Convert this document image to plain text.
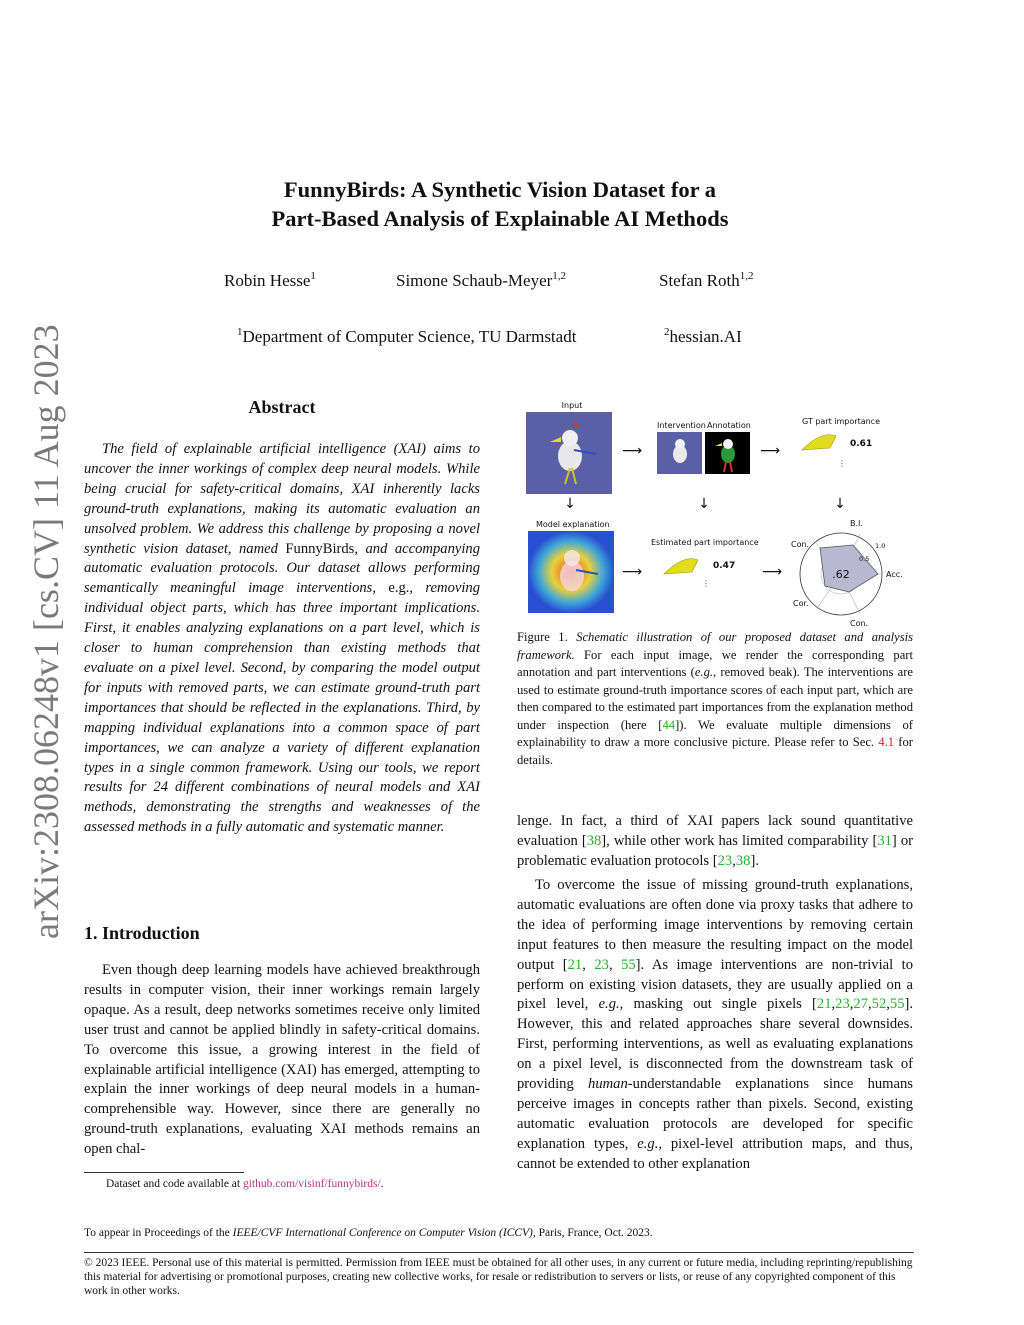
arXiv:2308.06248v1 [cs.CV] 11 Aug 2023
FunnyBirds: A Synthetic Vision Dataset for a
Part-Based Analysis of Explainable AI Methods
Robin Hesse$^1$	Simone Schaub-Meyer$^{1,2}$	Stefan Roth$^{1,2}$
$^1$Department of Computer Science, TU Darmstadt	$^2$hessian.AI
Abstract
The field of explainable artificial intelligence (XAI) aims to uncover the inner workings of complex deep neural models. While being crucial for safety-critical domains, XAI inherently lacks ground-truth explanations, making its automatic evaluation an unsolved problem. We address this challenge by proposing a novel synthetic vision dataset, named FunnyBirds, and accompanying automatic evaluation protocols. Our dataset allows performing semantically meaningful image interventions, e.g., removing individual object parts, which has three important implications. First, it enables analyzing explanations on a part level, which is closer to human comprehension than existing methods that evaluate on a pixel level. Second, by comparing the model output for inputs with removed parts, we can estimate ground-truth part importances that should be reflected in the explanations. Third, by mapping individual explanations into a common space of part importances, we can analyze a variety of different explanation types in a single common framework. Using our tools, we report results for 24 different combinations of neural models and XAI methods, demonstrating the strengths and weaknesses of the assessed methods in a fully automatic and systematic manner.
1. Introduction
Even though deep learning models have achieved breakthrough results in computer vision, their inner workings remain largely opaque. As a result, deep networks sometimes receive only limited user trust and cannot be applied blindly in safety-critical domains. To overcome this issue, a growing interest in the field of explainable artificial intelligence (XAI) has emerged, attempting to explain the inner workings of deep neural models in a human-comprehensible way. However, since there are generally no ground-truth explanations, evaluating XAI methods remains an open chal-
Dataset and code available at github.com/visinf/funnybirds/.
Input
⟶
Intervention Annotation
⟶
GT part importance
0.61
⋮
↓	↓	↓
Model explanation
⟶
Estimated part importance
0.47
⋮
⟶	.62
B.I.
0.5
1.0
Acc.
Con.
Cor.
Con.
Figure 1. Schematic illustration of our proposed dataset and analysis framework. For each input image, we render the corresponding part annotation and part interventions (e.g., removed beak). The interventions are used to estimate ground-truth importance scores of each input part, which are then compared to the estimated part importances from the explanation method under inspection (here [44]). We evaluate multiple dimensions of explainability to draw a more conclusive picture. Please refer to Sec. 4.1 for details.
lenge. In fact, a third of XAI papers lack sound quantitative evaluation [38], while other work has limited comparability [31] or problematic evaluation protocols [23,38].
To overcome the issue of missing ground-truth explanations, automatic evaluations are often done via proxy tasks that adhere to the idea of performing image interventions by removing certain input features to then measure the resulting impact on the model output [21, 23, 55]. As image interventions are non-trivial to perform on existing vision datasets, they are usually applied on a pixel level, e.g., masking out single pixels [21,23,27,52,55]. However, this and related approaches share several downsides. First, performing interventions, as well as evaluating explanations on a pixel level, is disconnected from the downstream task of providing human-understandable explanations since humans perceive images in concepts rather than pixels. Second, existing automatic evaluation protocols are developed for specific explanation types, e.g., pixel-level attribution maps, and thus, cannot be extended to other explanation
To appear in Proceedings of the IEEE/CVF International Conference on Computer Vision (ICCV), Paris, France, Oct. 2023.
© 2023 IEEE. Personal use of this material is permitted. Permission from IEEE must be obtained for all other uses, in any current or future media, including reprinting/republishing this material for advertising or promotional purposes, creating new collective works, for resale or redistribution to servers or lists, or reuse of any copyrighted component of this work in other works.
